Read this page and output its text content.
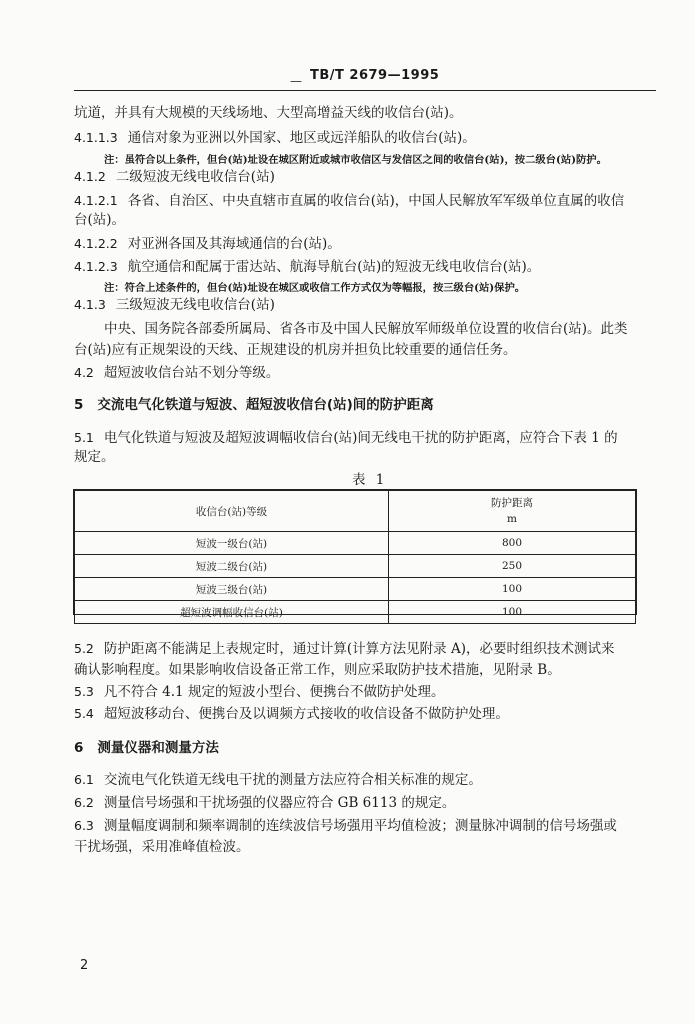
— TB/T 2679—1995
坑道，并具有大规模的天线场地、大型高增益天线的收信台(站)。
4.1.1.3 通信对象为亚洲以外国家、地区或远洋船队的收信台(站)。
注：虽符合以上条件，但台(站)址设在城区附近或城市收信区与发信区之间的收信台(站)，按二级台(站)防护。
4.1.2 二级短波无线电收信台(站)
4.1.2.1 各省、自治区、中央直辖市直属的收信台(站)，中国人民解放军军级单位直属的收信
台(站)。
4.1.2.2 对亚洲各国及其海域通信的台(站)。
4.1.2.3 航空通信和配属于雷达站、航海导航台(站)的短波无线电收信台(站)。
注：符合上述条件的，但台(站)址设在城区或收信工作方式仅为等幅报，按三级台(站)保护。
4.1.3 三级短波无线电收信台(站)
中央、国务院各部委所属局、省各市及中国人民解放军师级单位设置的收信台(站)。此类
台(站)应有正规架设的天线、正规建设的机房并担负比较重要的通信任务。
4.2 超短波收信台站不划分等级。
5 交流电气化铁道与短波、超短波收信台(站)间的防护距离
5.1 电气化铁道与短波及超短波调幅收信台(站)间无线电干扰的防护距离，应符合下表 1 的
规定。
表 1
收信台(站)等级	防护距离
m

短波一级台(站)	800
短波二级台(站)	250
短波三级台(站)	100
超短波调幅收信台(站)	100
5.2 防护距离不能满足上表规定时，通过计算(计算方法见附录 A)，必要时组织技术测试来
确认影响程度。如果影响收信设备正常工作，则应采取防护技术措施，见附录 B。
5.3 凡不符合 4.1 规定的短波小型台、便携台不做防护处理。
5.4 超短波移动台、便携台及以调频方式接收的收信设备不做防护处理。
6 测量仪器和测量方法
6.1 交流电气化铁道无线电干扰的测量方法应符合相关标准的规定。
6.2 测量信号场强和干扰场强的仪器应符合 GB 6113 的规定。
6.3 测量幅度调制和频率调制的连续波信号场强用平均值检波；测量脉冲调制的信号场强或
干扰场强，采用准峰值检波。
2
